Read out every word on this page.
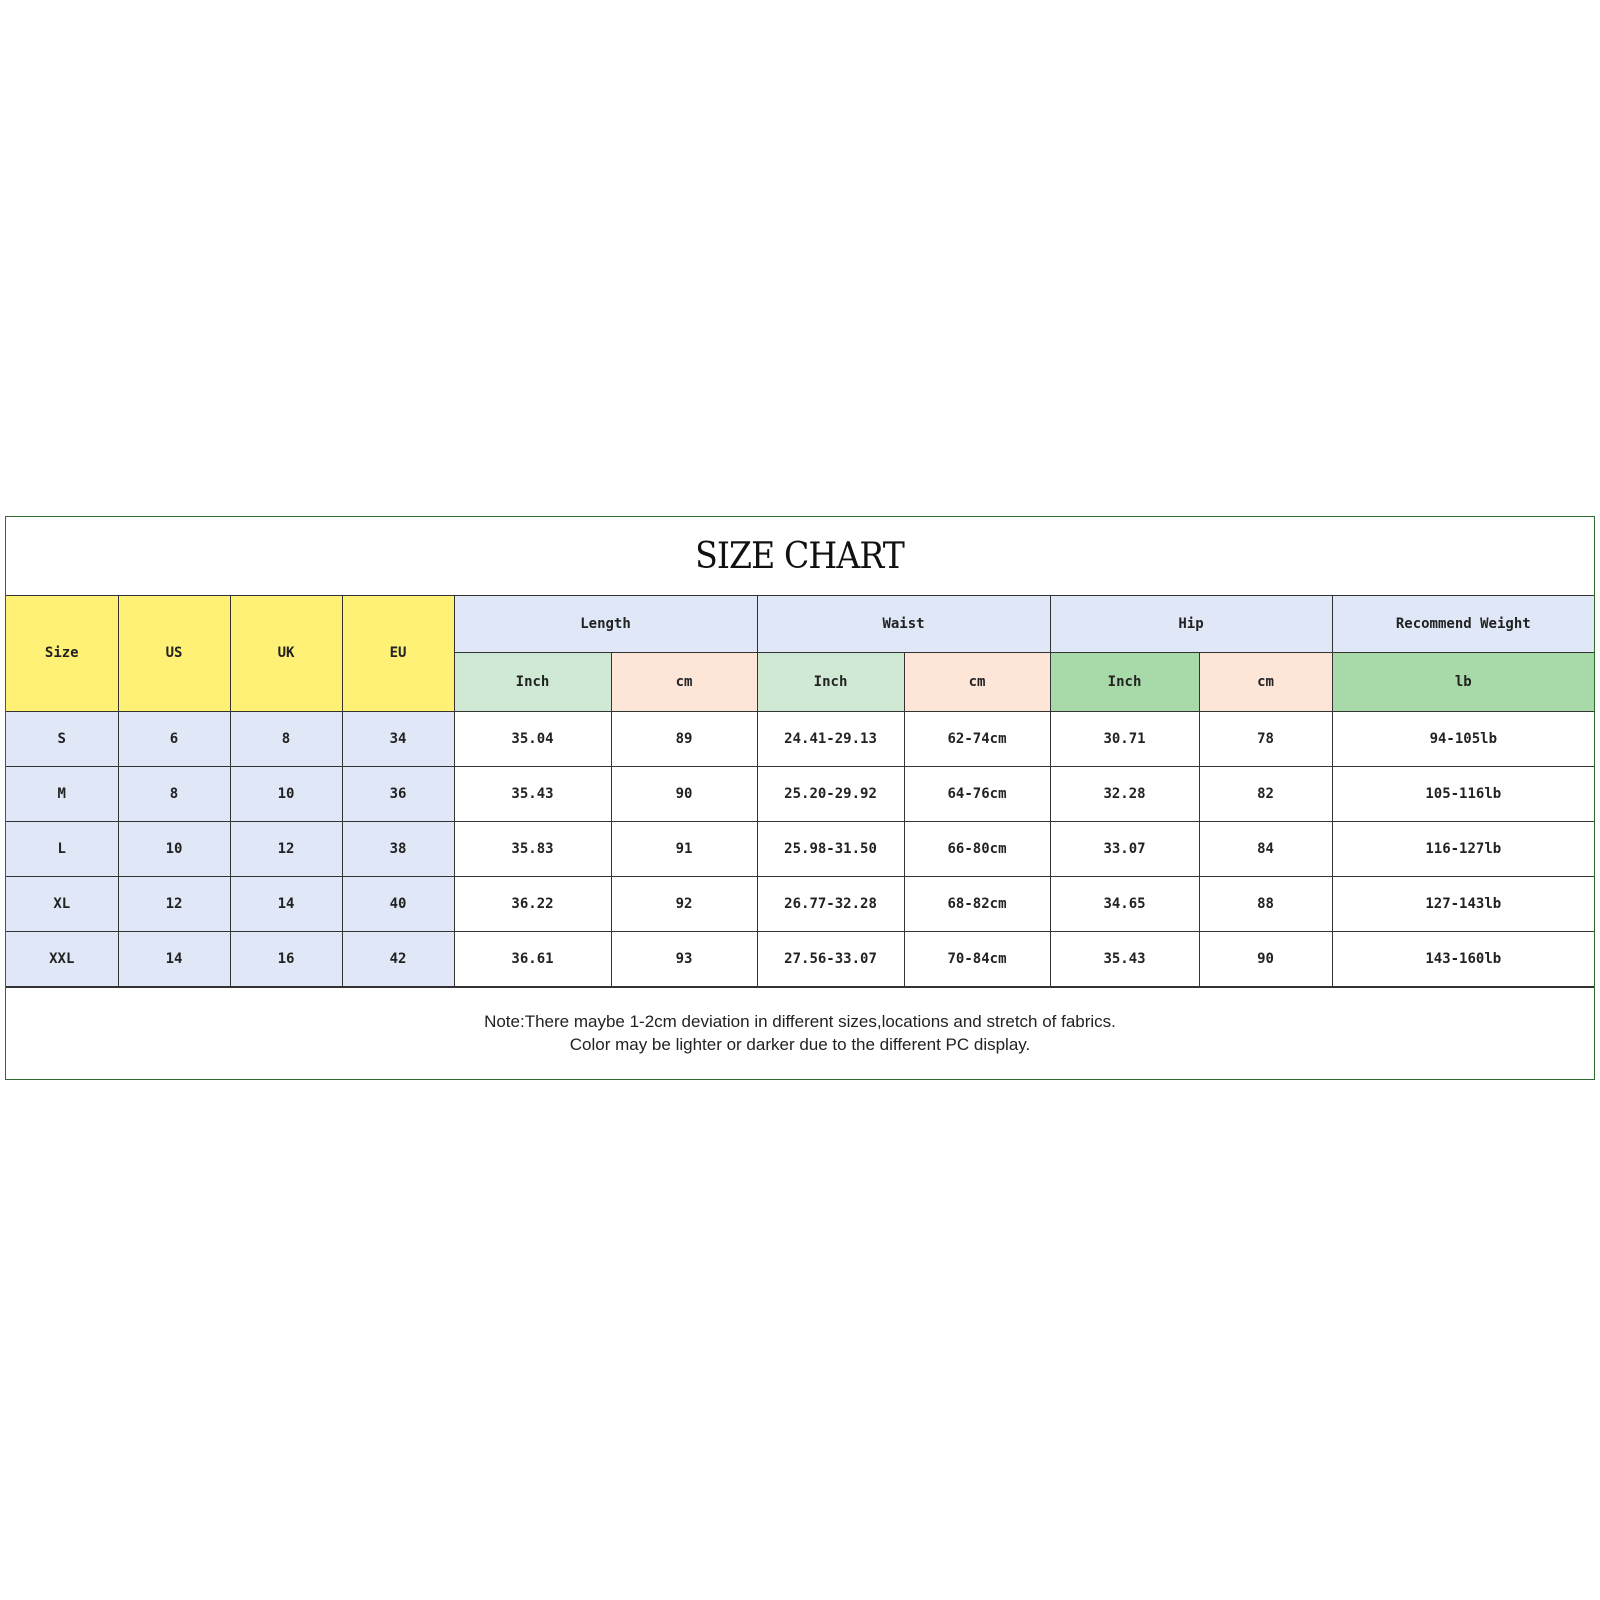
SIZE CHART
Size	US	UK	EU	Length		Waist		Hip		Recommend Weight
				Inch	cm	Inch	cm	Inch	cm	lb
S	6	8	34	35.04	89	24.41-29.13	62-74cm	30.71	78	94-105lb
M	8	10	36	35.43	90	25.20-29.92	64-76cm	32.28	82	105-116lb
L	10	12	38	35.83	91	25.98-31.50	66-80cm	33.07	84	116-127lb
XL	12	14	40	36.22	92	26.77-32.28	68-82cm	34.65	88	127-143lb
XXL	14	16	42	36.61	93	27.56-33.07	70-84cm	35.43	90	143-160lb
Note:There maybe 1-2cm deviation in different sizes,locations and stretch of fabrics.
Color may be lighter or darker due to the different PC display.
